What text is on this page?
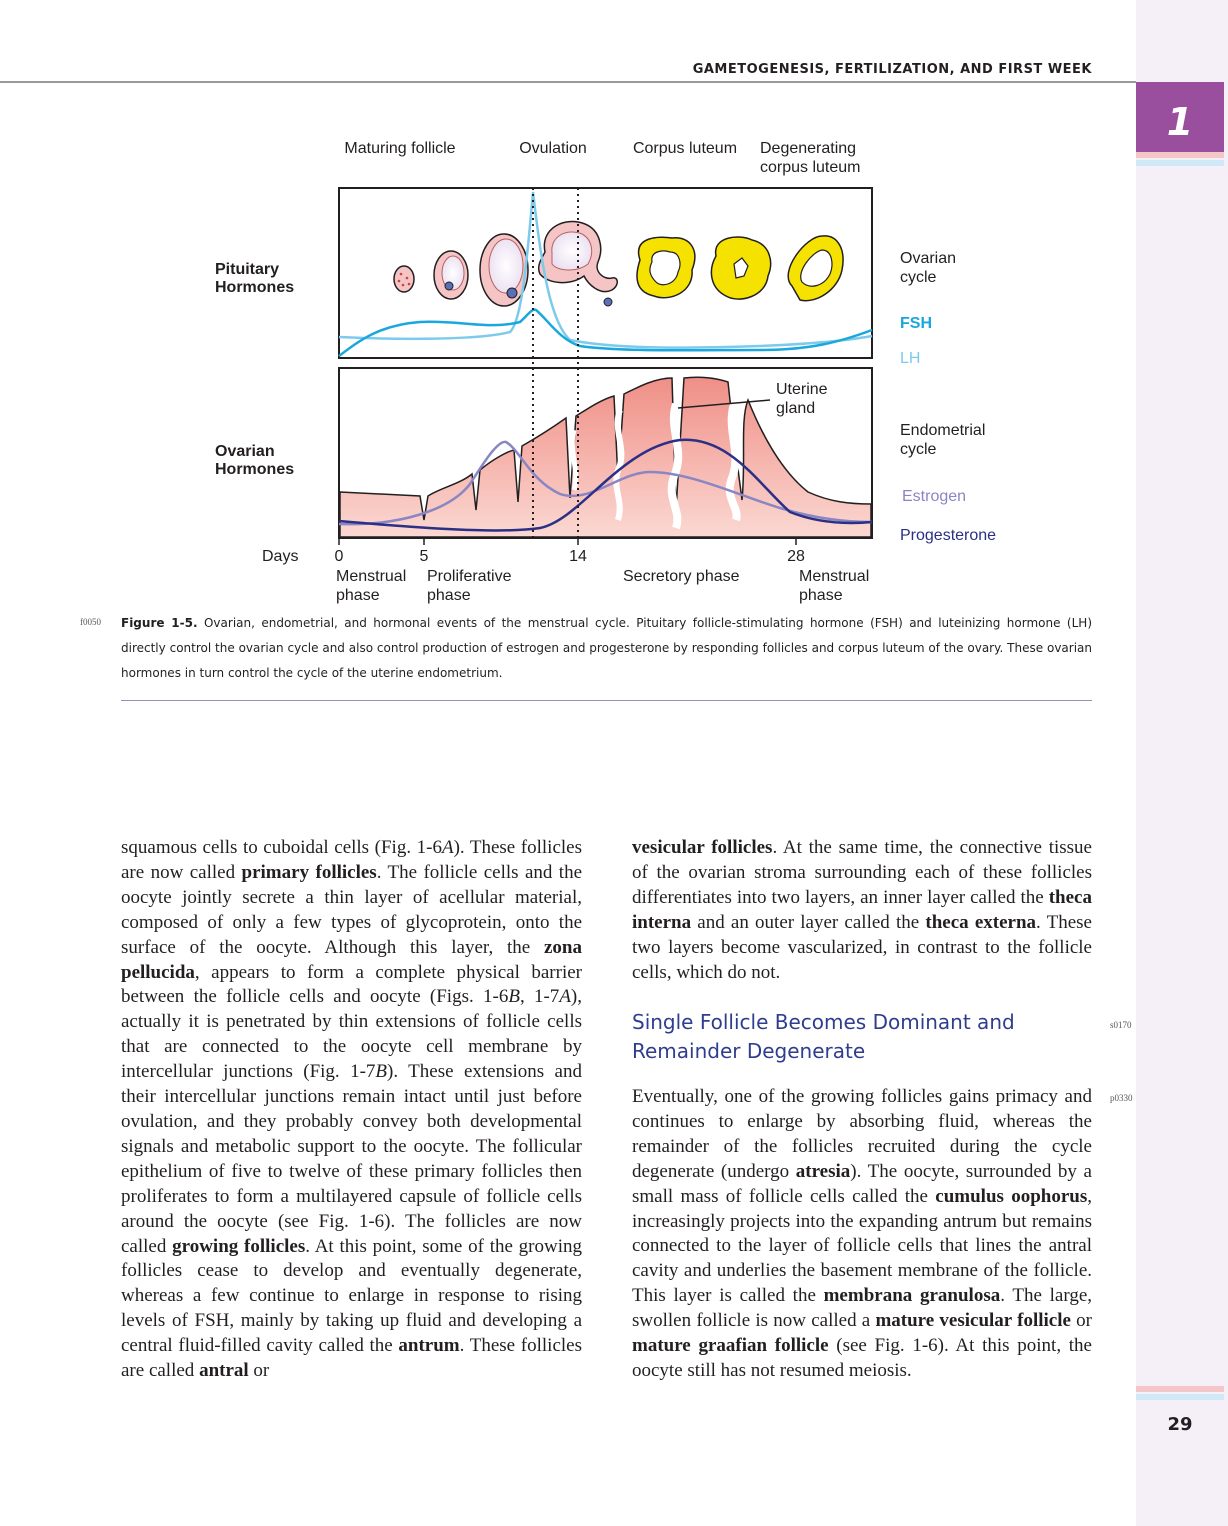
1
29
GAMETOGENESIS, FERTILIZATION, AND FIRST WEEK
Maturing follicle	Ovulation	Corpus luteum Degenerating
corpus luteum
Pituitary
Hormones
Ovarian
Hormones
Ovarian
cycle
FSH
LH
Endometrial
cycle
Estrogen
Progesterone
Uterine
gland
Days 0	5	14	28
Menstrual
phase
Proliferative
phase
Secretory phase	Menstrual
phase
f0050 Figure 1-5. Ovarian, endometrial, and hormonal events of the menstrual cycle. Pituitary follicle-stimulating hormone (FSH) and luteinizing hormone (LH) directly control the ovarian cycle and also control production of estrogen and progesterone by responding follicles and corpus luteum of the ovary. These ovarian hormones in turn control the cycle of the uterine endometrium.
squamous cells to cuboidal cells (Fig. 1-6A). These follicles are now called primary follicles. The follicle cells and the oocyte jointly secrete a thin layer of acellular material, composed of only a few types of glycoprotein, onto the surface of the oocyte. Although this layer, the zona pellucida, appears to form a complete physical barrier between the follicle cells and oocyte (Figs. 1-6B, 1-7A), actually it is penetrated by thin extensions of follicle cells that are connected to the oocyte cell membrane by intercellular junctions (Fig. 1-7B). These extensions and their intercellular junctions remain intact until just before ovulation, and they probably convey both developmental signals and metabolic support to the oocyte. The follicular epithelium of five to twelve of these primary follicles then proliferates to form a multilayered capsule of follicle cells around the oocyte (see Fig. 1-6). The follicles are now called growing follicles. At this point, some of the growing follicles cease to develop and eventually degenerate, whereas a few continue to enlarge in response to rising levels of FSH, mainly by taking up fluid and developing a central fluid-filled cavity called the antrum. These follicles are called antral or
vesicular follicles. At the same time, the connective tissue of the ovarian stroma surrounding each of these follicles differentiates into two layers, an inner layer called the theca interna and an outer layer called the theca externa. These two layers become vascularized, in contrast to the follicle cells, which do not.
Single Follicle Becomes Dominant and Remainder Degenerate
s0170
p0330
Eventually, one of the growing follicles gains primacy and continues to enlarge by absorbing fluid, whereas the remainder of the follicles recruited during the cycle degenerate (undergo atresia). The oocyte, surrounded by a small mass of follicle cells called the cumulus oophorus, increasingly projects into the expanding antrum but remains connected to the layer of follicle cells that lines the antral cavity and underlies the basement membrane of the follicle. This layer is called the membrana granulosa. The large, swollen follicle is now called a mature vesicular follicle or mature graafian follicle (see Fig. 1-6). At this point, the oocyte still has not resumed meiosis.
